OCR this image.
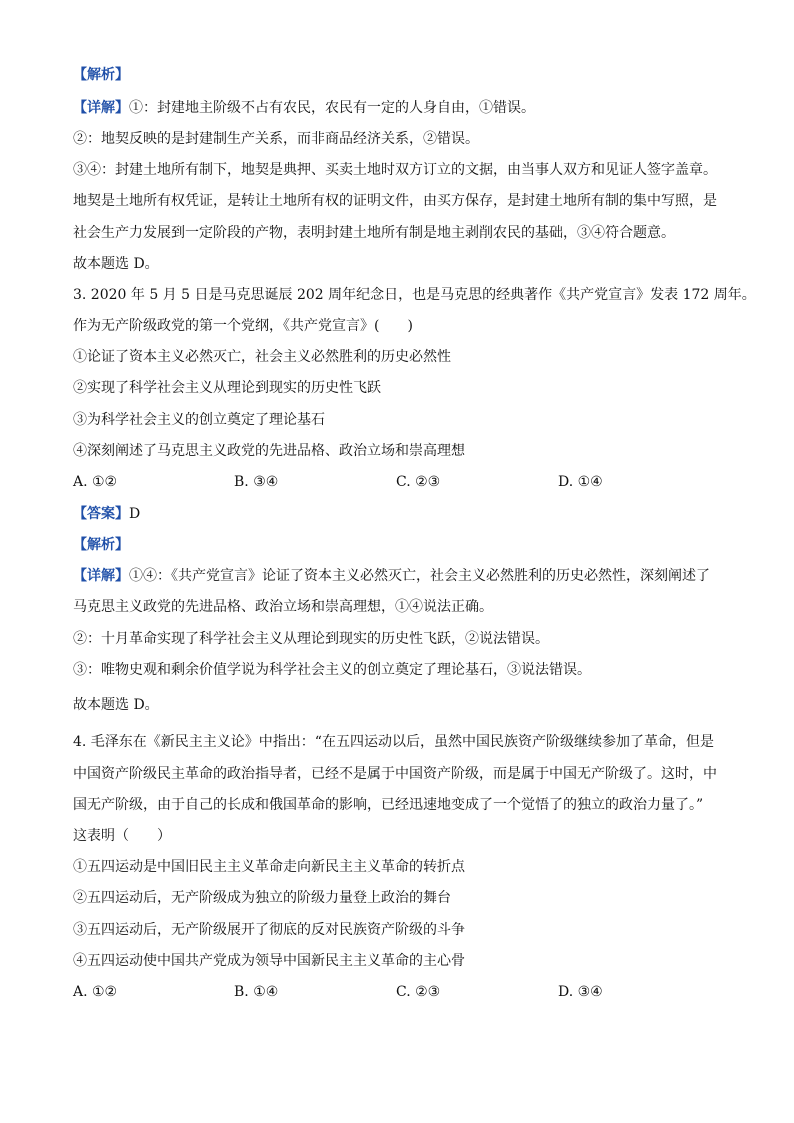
【解析】
【详解】①：封建地主阶级不占有农民，农民有一定的人身自由，①错误。
②：地契反映的是封建制生产关系，而非商品经济关系，②错误。
③④：封建土地所有制下，地契是典押、买卖土地时双方订立的文据，由当事人双方和见证人签字盖章。
地契是土地所有权凭证，是转让土地所有权的证明文件，由买方保存，是封建土地所有制的集中写照，是
社会生产力发展到一定阶段的产物，表明封建土地所有制是地主剥削农民的基础，③④符合题意。
故本题选 D。
3. 2020 年 5 月 5 日是马克思诞辰 202 周年纪念日，也是马克思的经典著作《共产党宣言》发表 172 周年。
作为无产阶级政党的第一个党纲，《共产党宣言》(　　)
①论证了资本主义必然灭亡，社会主义必然胜利的历史必然性
②实现了科学社会主义从理论到现实的历史性飞跃
③为科学社会主义的创立奠定了理论基石
④深刻阐述了马克思主义政党的先进品格、政治立场和崇高理想
A. ①②	B. ③④	C. ②③	D. ①④
【答案】D
【解析】
【详解】①④：《共产党宣言》论证了资本主义必然灭亡，社会主义必然胜利的历史必然性，深刻阐述了
马克思主义政党的先进品格、政治立场和崇高理想，①④说法正确。
②：十月革命实现了科学社会主义从理论到现实的历史性飞跃，②说法错误。
③：唯物史观和剩余价值学说为科学社会主义的创立奠定了理论基石，③说法错误。
故本题选 D。
4. 毛泽东在《新民主主义论》中指出：“在五四运动以后，虽然中国民族资产阶级继续参加了革命，但是
中国资产阶级民主革命的政治指导者，已经不是属于中国资产阶级，而是属于中国无产阶级了。这时，中
国无产阶级，由于自己的长成和俄国革命的影响，已经迅速地变成了一个觉悟了的独立的政治力量了。”
这表明（　　）
①五四运动是中国旧民主主义革命走向新民主主义革命的转折点
②五四运动后，无产阶级成为独立的阶级力量登上政治的舞台
③五四运动后，无产阶级展开了彻底的反对民族资产阶级的斗争
④五四运动使中国共产党成为领导中国新民主主义革命的主心骨
A. ①②	B. ①④	C. ②③	D. ③④
